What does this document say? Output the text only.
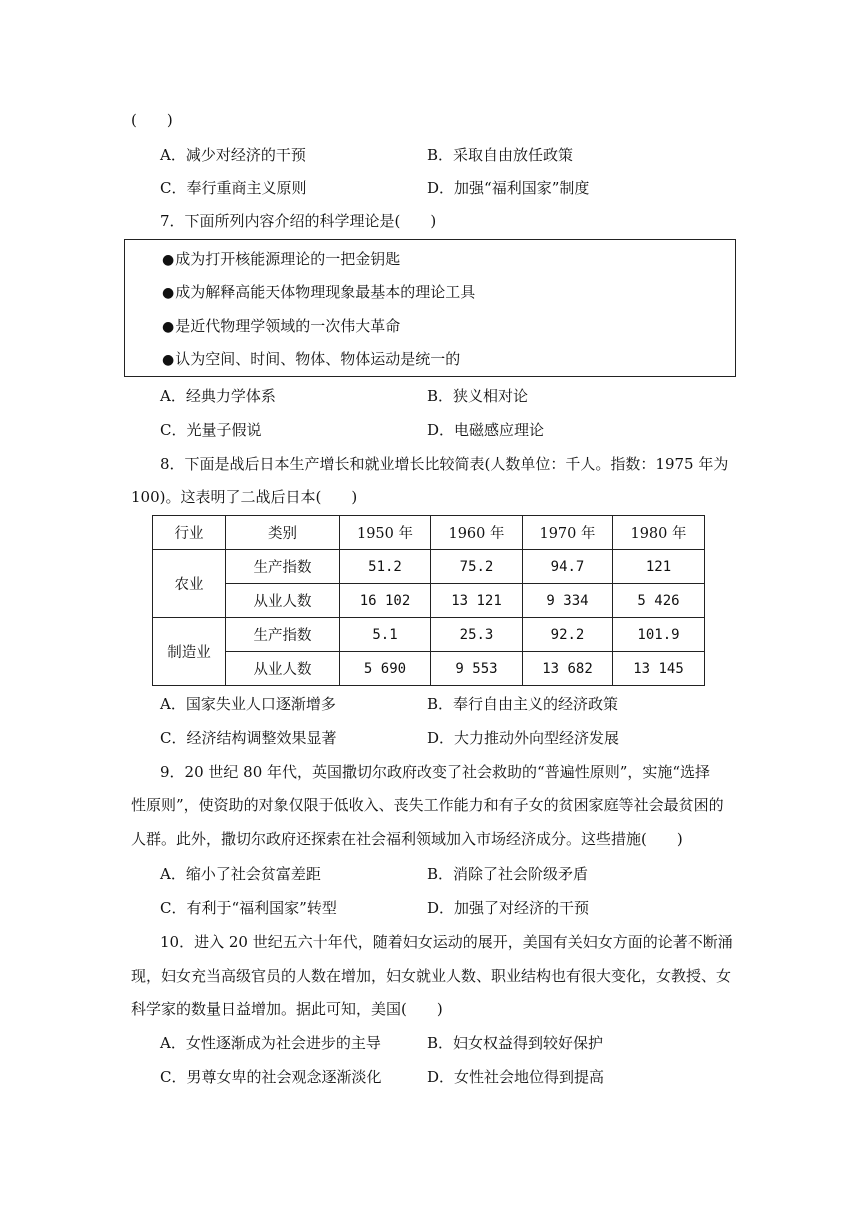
(　　)
A．减少对经济的干预	B．采取自由放任政策
C．奉行重商主义原则	D．加强“福利国家”制度
7．下面所列内容介绍的科学理论是(　　)
● 成为打开核能源理论的一把金钥匙
● 成为解释高能天体物理现象最基本的理论工具
● 是近代物理学领域的一次伟大革命
● 认为空间、时间、物体、物体运动是统一的
A．经典力学体系	B．狭义相对论
C．光量子假说	D．电磁感应理论
8．下面是战后日本生产增长和就业增长比较简表(人数单位：千人。指数：1975 年为
100)。这表明了二战后日本(　　)
行业	类别	1950 年	1960 年	1970 年	1980 年
农业	生产指数	51.2	75.2	94.7	121
	从业人数	16 102	13 121	9 334	5 426
制造业	生产指数	5.1	25.3	92.2	101.9
	从业人数	5 690	9 553	13 682	13 145
A．国家失业人口逐渐增多	B．奉行自由主义的经济政策
C．经济结构调整效果显著	D．大力推动外向型经济发展
9．20 世纪 80 年代，英国撒切尔政府改变了社会救助的“普遍性原则”，实施“选择
性原则”，使资助的对象仅限于低收入、丧失工作能力和有子女的贫困家庭等社会最贫困的
人群。此外，撒切尔政府还探索在社会福利领域加入市场经济成分。这些措施(　　)
A．缩小了社会贫富差距	B．消除了社会阶级矛盾
C．有利于“福利国家”转型	D．加强了对经济的干预
10．进入 20 世纪五六十年代，随着妇女运动的展开，美国有关妇女方面的论著不断涌
现，妇女充当高级官员的人数在增加，妇女就业人数、职业结构也有很大变化，女教授、女
科学家的数量日益增加。据此可知，美国(　　)
A．女性逐渐成为社会进步的主导	B．妇女权益得到较好保护
C．男尊女卑的社会观念逐渐淡化	D．女性社会地位得到提高
